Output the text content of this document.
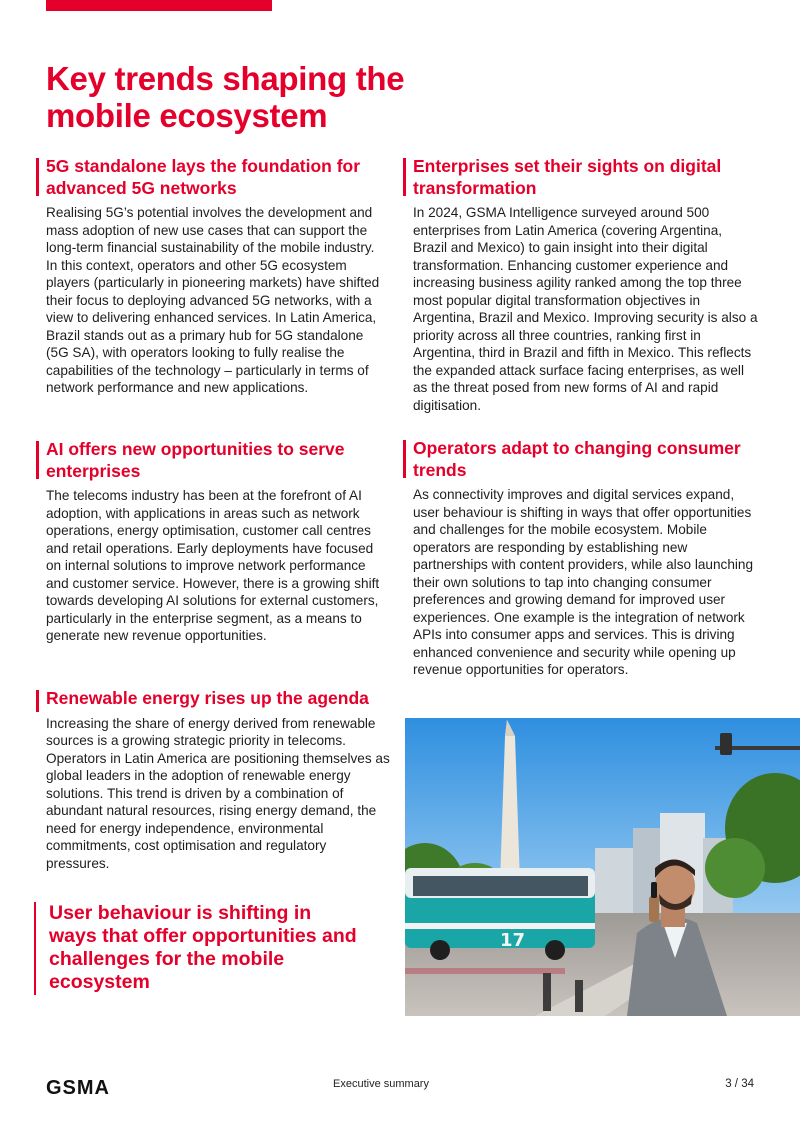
Key trends shaping the mobile ecosystem
5G standalone lays the foundation for advanced 5G networks

Realising 5G’s potential involves the development and mass adoption of new use cases that can support the long-term financial sustainability of the mobile industry. In this context, operators and other 5G ecosystem players (particularly in pioneering markets) have shifted their focus to deploying advanced 5G networks, with a view to delivering enhanced services. In Latin America, Brazil stands out as a primary hub for 5G standalone (5G SA), with operators looking to fully realise the capabilities of the technology – particularly in terms of network performance and new applications.

Enterprises set their sights on digital transformation

In 2024, GSMA Intelligence surveyed around 500 enterprises from Latin America (covering Argentina, Brazil and Mexico) to gain insight into their digital transformation. Enhancing customer experience and increasing business agility ranked among the top three most popular digital transformation objectives in Argentina, Brazil and Mexico. Improving security is also a priority across all three countries, ranking first in Argentina, third in Brazil and fifth in Mexico. This reflects the expanded attack surface facing enterprises, as well as the threat posed from new forms of AI and rapid digitisation.

AI offers new opportunities to serve enterprises

The telecoms industry has been at the forefront of AI adoption, with applications in areas such as network operations, energy optimisation, customer call centres and retail operations. Early deployments have focused on internal solutions to improve network performance and customer service. However, there is a growing shift towards developing AI solutions for external customers, particularly in the enterprise segment, as a means to generate new revenue opportunities.

Operators adapt to changing consumer trends

As connectivity improves and digital services expand, user behaviour is shifting in ways that offer opportunities and challenges for the mobile ecosystem. Mobile operators are responding by establishing new partnerships with content providers, while also launching their own solutions to tap into changing consumer preferences and growing demand for improved user experiences. One example is the integration of network APIs into consumer apps and services. This is driving enhanced convenience and security while opening up revenue opportunities for operators.

Renewable energy rises up the agenda

Increasing the share of energy derived from renewable sources is a growing strategic priority in telecoms. Operators in Latin America are positioning themselves as global leaders in the adoption of renewable energy solutions. This trend is driven by a combination of abundant natural resources, rising energy demand, the need for energy independence, environmental commitments, cost optimisation and regulatory pressures.

User behaviour is shifting in ways that offer opportunities and challenges for the mobile ecosystem
17
GSMA	Executive summary	3 / 34
